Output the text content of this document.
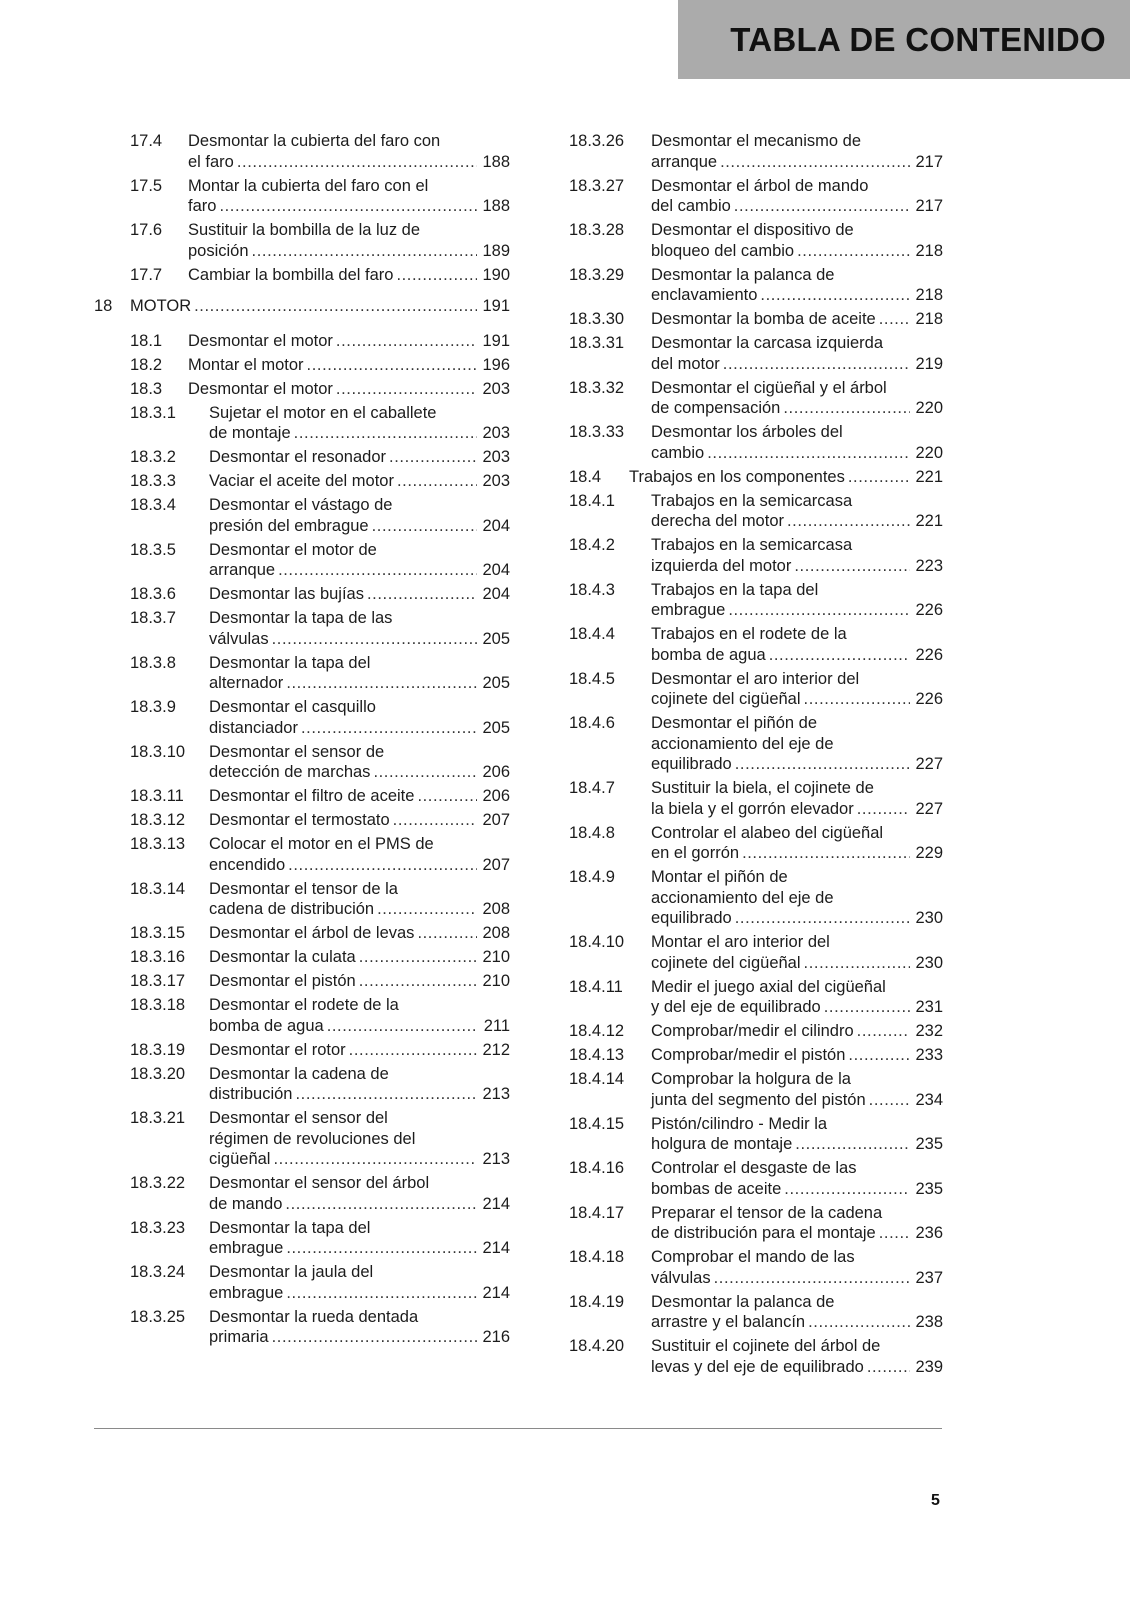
TABLA DE CONTENIDO
17.4	Desmontar la cubierta del faro con
el faro .....	188
17.5	Montar la cubierta del faro con el
faro .....	188
17.6	Sustituir la bombilla de la luz de
posición .....	189
17.7	Cambiar la bombilla del faro .....	190
18	MOTOR .....	191
18.1	Desmontar el motor .....	191
18.2	Montar el motor .....	196
18.3	Desmontar el motor .....	203
18.3.1	Sujetar el motor en el caballete
de montaje .....	203
18.3.2	Desmontar el resonador .....	203
18.3.3	Vaciar el aceite del motor .....	203
18.3.4	Desmontar el vástago de
presión del embrague .....	204
18.3.5	Desmontar el motor de
arranque .....	204
18.3.6	Desmontar las bujías .....	204
18.3.7	Desmontar la tapa de las
válvulas .....	205
18.3.8	Desmontar la tapa del
alternador .....	205
18.3.9	Desmontar el casquillo
distanciador .....	205
18.3.10	Desmontar el sensor de
detección de marchas .....	206
18.3.11	Desmontar el filtro de aceite .....	206
18.3.12	Desmontar el termostato .....	207
18.3.13	Colocar el motor en el PMS de
encendido .....	207
18.3.14	Desmontar el tensor de la
cadena de distribución .....	208
18.3.15	Desmontar el árbol de levas .....	208
18.3.16	Desmontar la culata .....	210
18.3.17	Desmontar el pistón .....	210
18.3.18	Desmontar el rodete de la
bomba de agua .....	211
18.3.19	Desmontar el rotor .....	212
18.3.20	Desmontar la cadena de
distribución .....	213
18.3.21	Desmontar el sensor del
régimen de revoluciones del
cigüeñal .....	213
18.3.22	Desmontar el sensor del árbol
de mando .....	214
18.3.23	Desmontar la tapa del
embrague .....	214
18.3.24	Desmontar la jaula del
embrague .....	214
18.3.25	Desmontar la rueda dentada
primaria .....	216
18.3.26	Desmontar el mecanismo de
arranque .....	217
18.3.27	Desmontar el árbol de mando
del cambio .....	217
18.3.28	Desmontar el dispositivo de
bloqueo del cambio .....	218
18.3.29	Desmontar la palanca de
enclavamiento .....	218
18.3.30	Desmontar la bomba de aceite ..... 218
18.3.31	Desmontar la carcasa izquierda
del motor .....	219
18.3.32	Desmontar el cigüeñal y el árbol
de compensación .....	220
18.3.33	Desmontar los árboles del
cambio .....	220
18.4	Trabajos en los componentes .....	221
18.4.1	Trabajos en la semicarcasa
derecha del motor .....	221
18.4.2	Trabajos en la semicarcasa
izquierda del motor .....	223
18.4.3	Trabajos en la tapa del
embrague .....	226
18.4.4	Trabajos en el rodete de la
bomba de agua .....	226
18.4.5	Desmontar el aro interior del
cojinete del cigüeñal .....	226
18.4.6	Desmontar el piñón de
accionamiento del eje de
equilibrado .....	227
18.4.7	Sustituir la biela, el cojinete de
la biela y el gorrón elevador .....	227
18.4.8	Controlar el alabeo del cigüeñal
en el gorrón .....	229
18.4.9	Montar el piñón de
accionamiento del eje de
equilibrado .....	230
18.4.10	Montar el aro interior del
cojinete del cigüeñal .....	230
18.4.11	Medir el juego axial del cigüeñal
y del eje de equilibrado .....	231
18.4.12	Comprobar/medir el cilindro .....	232
18.4.13	Comprobar/medir el pistón .....	233
18.4.14	Comprobar la holgura de la
junta del segmento del pistón .....	234
18.4.15	Pistón/cilindro - Medir la
holgura de montaje .....	235
18.4.16	Controlar el desgaste de las
bombas de aceite .....	235
18.4.17	Preparar el tensor de la cadena
de distribución para el montaje ..... 236
18.4.18	Comprobar el mando de las
válvulas .....	237
18.4.19	Desmontar la palanca de
arrastre y el balancín .....	238
18.4.20	Sustituir el cojinete del árbol de
levas y del eje de equilibrado .....	239
5
